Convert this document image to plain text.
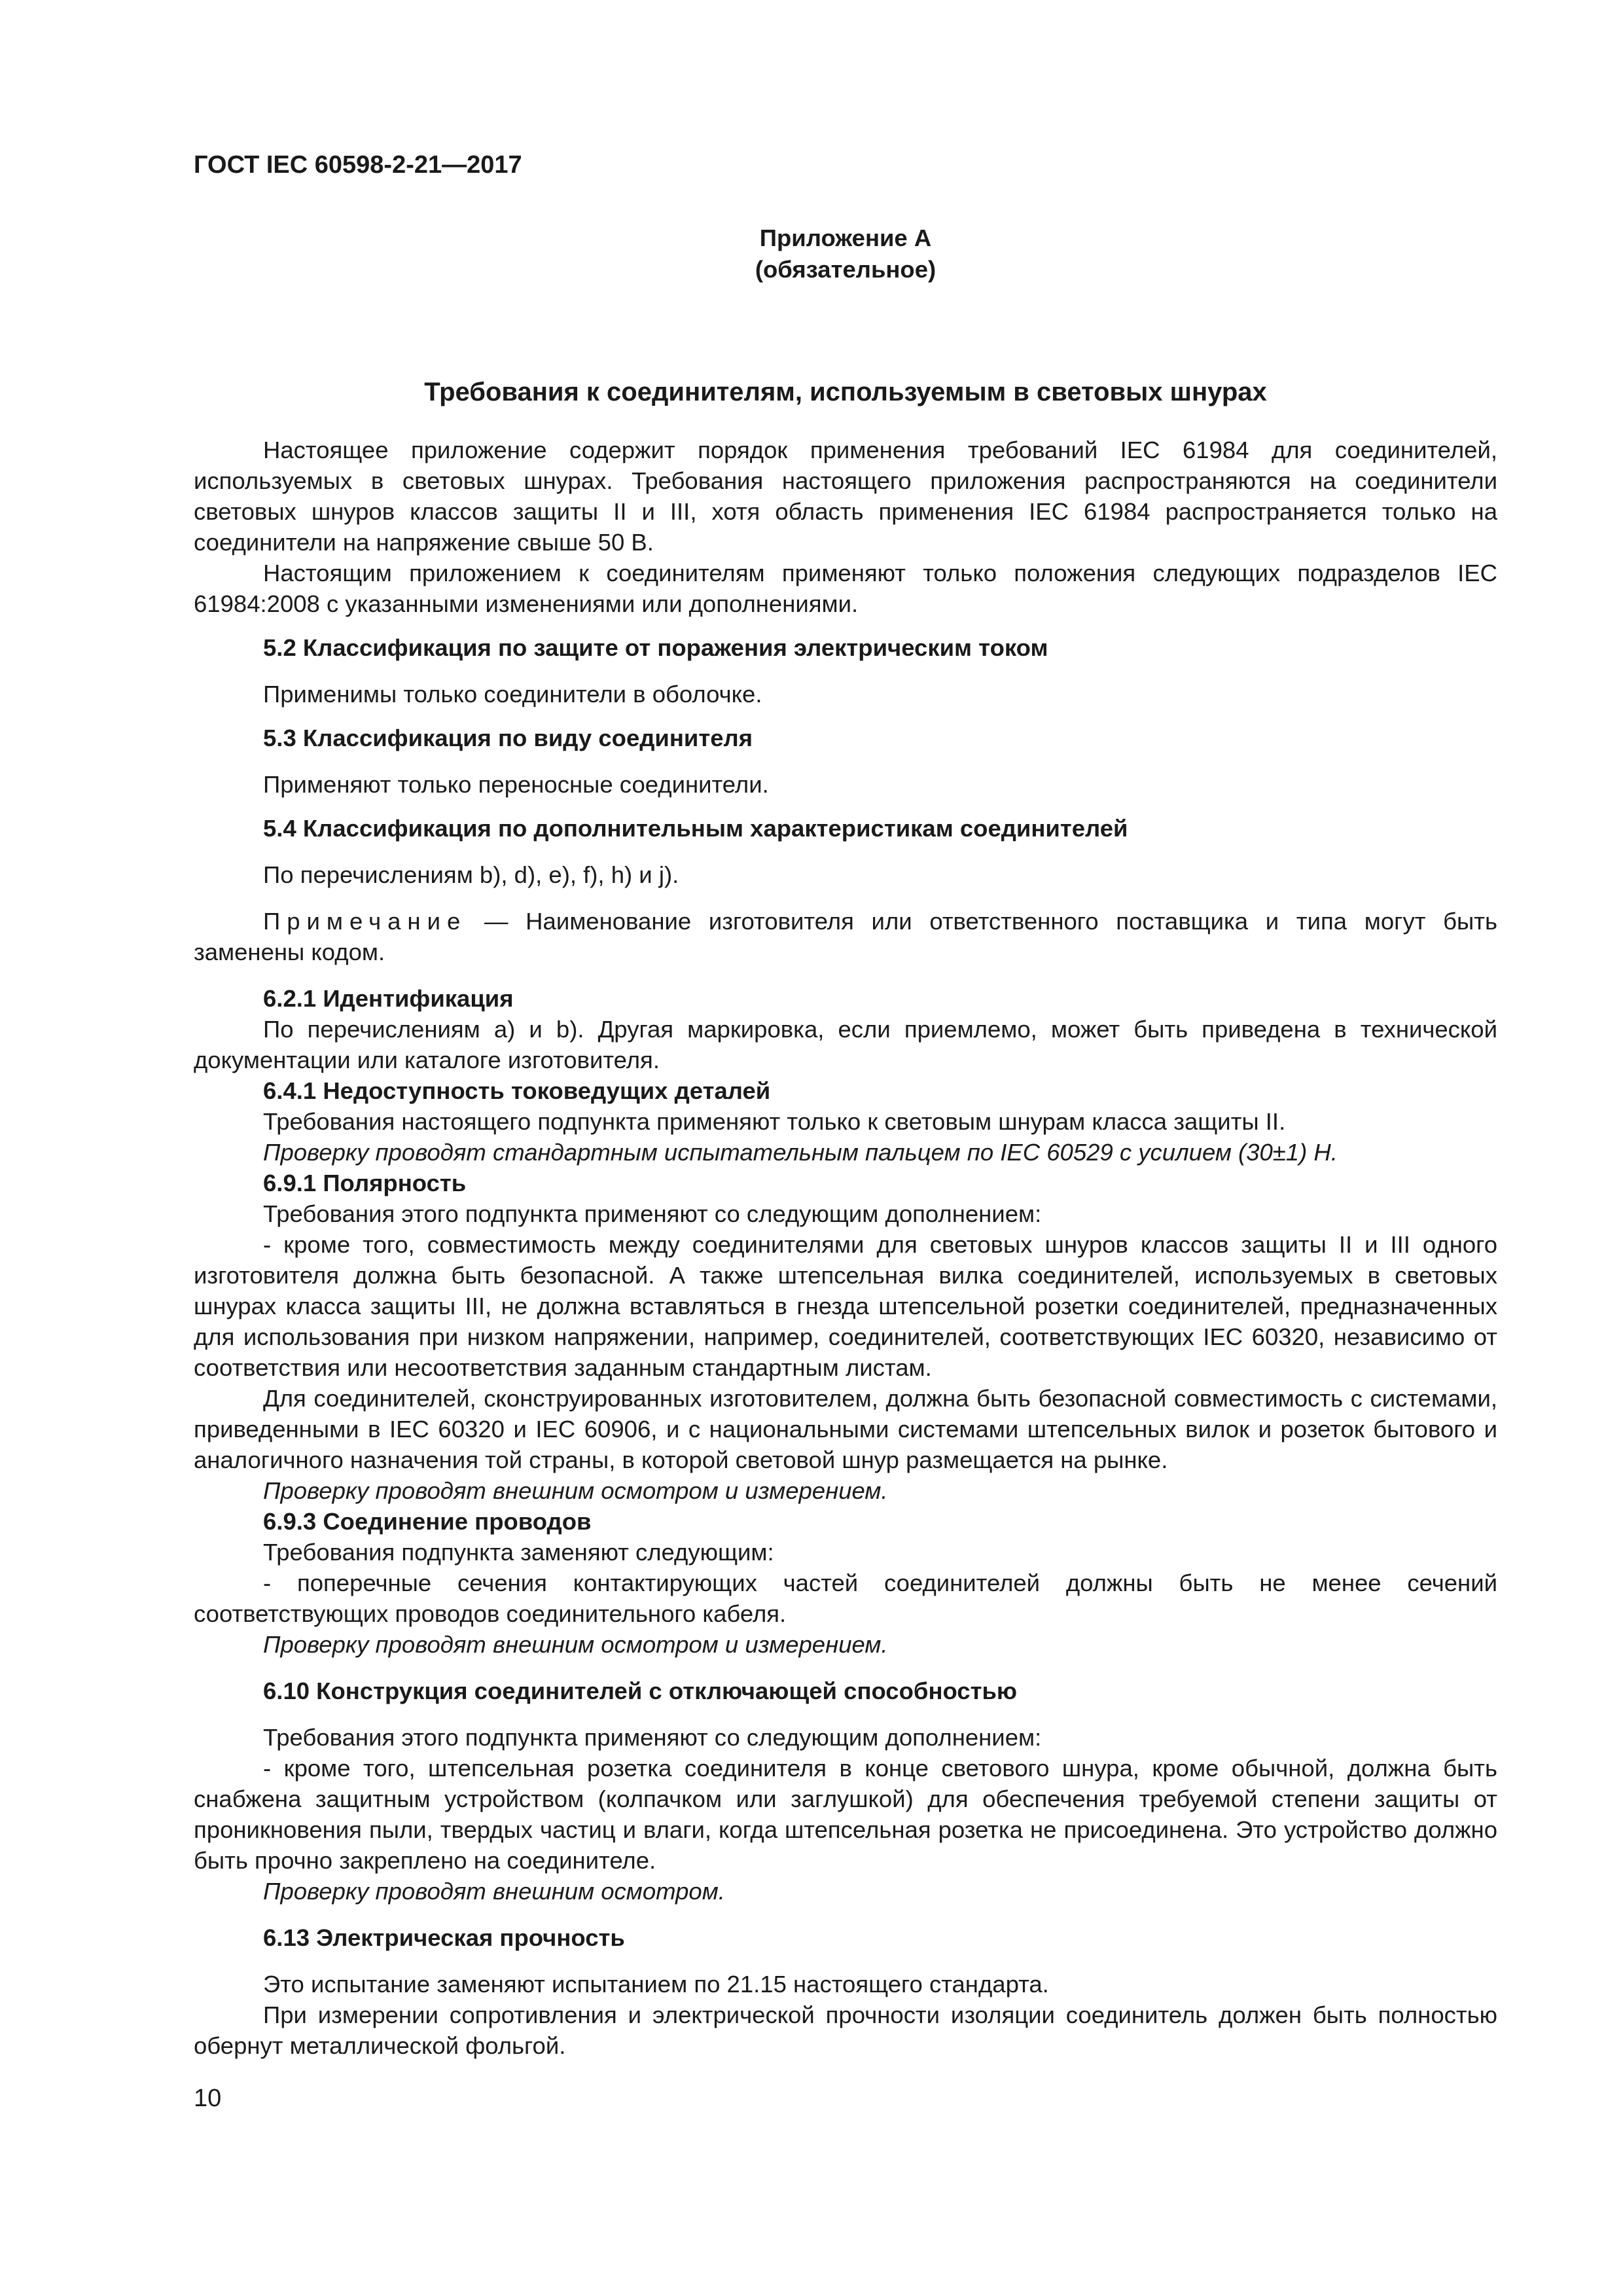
ГОСТ IEC 60598-2-21—2017
Приложение А
(обязательное)
Требования к соединителям, используемым в световых шнурах

Настоящее приложение содержит порядок применения требований IEC 61984 для соединителей, используемых в световых шнурах. Требования настоящего приложения распространяются на соединители световых шнуров классов защиты II и III, хотя область применения IEC 61984 распространяется только на соединители на напряжение свыше 50 В.

Настоящим приложением к соединителям применяют только положения следующих подразделов IEC 61984:2008 с указанными изменениями или дополнениями.

5.2 Классификация по защите от поражения электрическим током

Применимы только соединители в оболочке.

5.3 Классификация по виду соединителя

Применяют только переносные соединители.

5.4 Классификация по дополнительным характеристикам соединителей

По перечислениям b), d), e), f), h) и j).

Примечание — Наименование изготовителя или ответственного поставщика и типа могут быть заменены кодом.

6.2.1 Идентификация

По перечислениям a) и b). Другая маркировка, если приемлемо, может быть приведена в технической документации или каталоге изготовителя.

6.4.1 Недоступность токоведущих деталей

Требования настоящего подпункта применяют только к световым шнурам класса защиты II.

Проверку проводят стандартным испытательным пальцем по IEC 60529 с усилием (30±1) Н.

6.9.1 Полярность

Требования этого подпункта применяют со следующим дополнением:

- кроме того, совместимость между соединителями для световых шнуров классов защиты II и III одного изготовителя должна быть безопасной. А также штепсельная вилка соединителей, используемых в световых шнурах класса защиты III, не должна вставляться в гнезда штепсельной розетки соединителей, предназначенных для использования при низком напряжении, например, соединителей, соответствующих IEC 60320, независимо от соответствия или несоответствия заданным стандартным листам.

Для соединителей, сконструированных изготовителем, должна быть безопасной совместимость с системами, приведенными в IEC 60320 и IEC 60906, и с национальными системами штепсельных вилок и розеток бытового и аналогичного назначения той страны, в которой световой шнур размещается на рынке.

Проверку проводят внешним осмотром и измерением.

6.9.3 Соединение проводов

Требования подпункта заменяют следующим:

- поперечные сечения контактирующих частей соединителей должны быть не менее сечений соответствующих проводов соединительного кабеля.

Проверку проводят внешним осмотром и измерением.

6.10 Конструкция соединителей с отключающей способностью

Требования этого подпункта применяют со следующим дополнением:

- кроме того, штепсельная розетка соединителя в конце светового шнура, кроме обычной, должна быть снабжена защитным устройством (колпачком или заглушкой) для обеспечения требуемой степени защиты от проникновения пыли, твердых частиц и влаги, когда штепсельная розетка не присоединена. Это устройство должно быть прочно закреплено на соединителе.

Проверку проводят внешним осмотром.

6.13 Электрическая прочность

Это испытание заменяют испытанием по 21.15 настоящего стандарта.

При измерении сопротивления и электрической прочности изоляции соединитель должен быть полностью обернут металлической фольгой.

10
